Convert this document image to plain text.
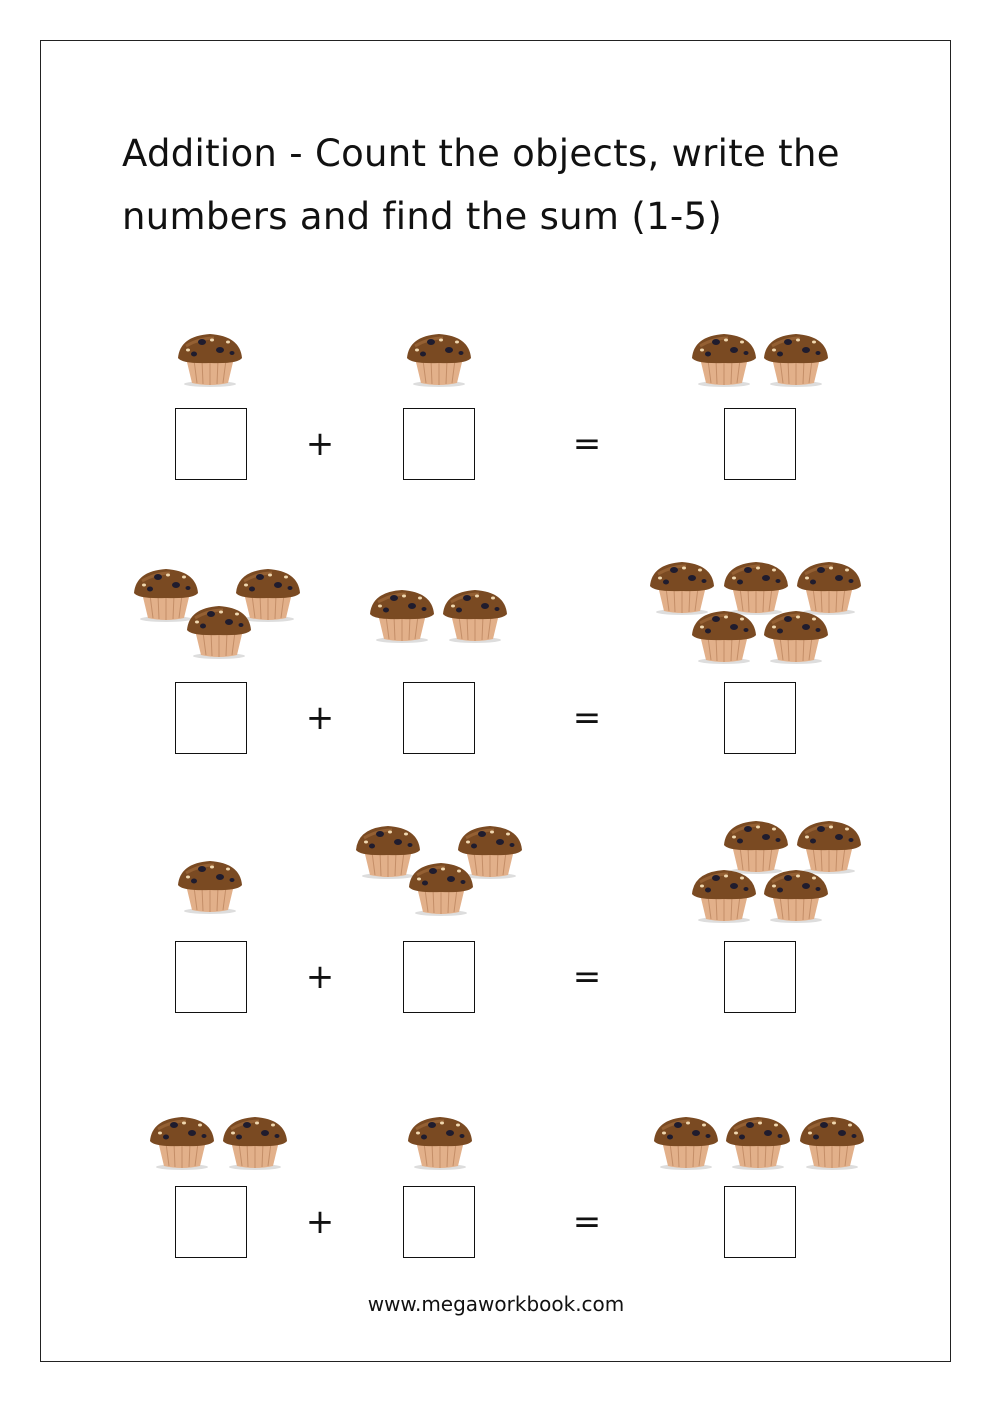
Addition - Count the objects, write the
numbers and find the sum (1-5)
+	=
+	=
+	=
+	=
www.megaworkbook.com
